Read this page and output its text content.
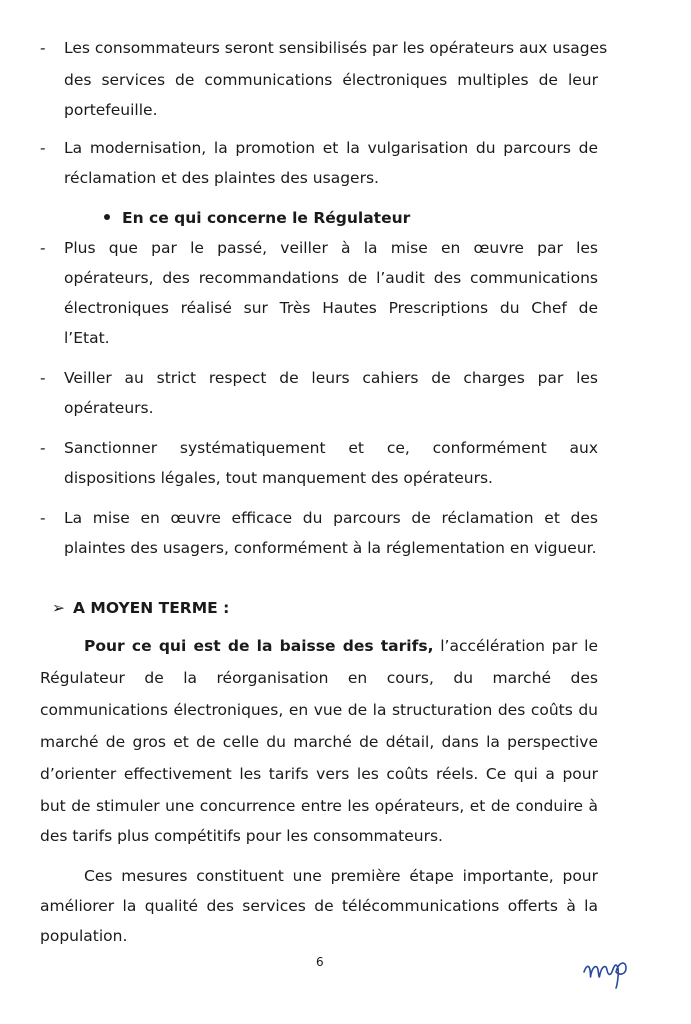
- Les consommateurs seront sensibilisés par les opérateurs aux usages
des services de communications électroniques multiples de leur
portefeuille.
- La modernisation, la promotion et la vulgarisation du parcours de
réclamation et des plaintes des usagers.
En ce qui concerne le Régulateur
- Plus que par le passé, veiller à la mise en œuvre par les
opérateurs, des recommandations de l’audit des communications
électroniques réalisé sur Très Hautes Prescriptions du Chef de
l’Etat.
- Veiller au strict respect de leurs cahiers de charges par les
opérateurs.
- Sanctionner systématiquement et ce, conformément aux
dispositions légales, tout manquement des opérateurs.
- La mise en œuvre efficace du parcours de réclamation et des
plaintes des usagers, conformément à la réglementation en vigueur.
➢ A MOYEN TERME :
Pour ce qui est de la baisse des tarifs, l’accélération par le
Régulateur de la réorganisation en cours, du marché des
communications électroniques, en vue de la structuration des coûts du
marché de gros et de celle du marché de détail, dans la perspective
d’orienter effectivement les tarifs vers les coûts réels. Ce qui a pour
but de stimuler une concurrence entre les opérateurs, et de conduire à
des tarifs plus compétitifs pour les consommateurs.
Ces mesures constituent une première étape importante, pour
améliorer la qualité des services de télécommunications offerts à la
population.
6
